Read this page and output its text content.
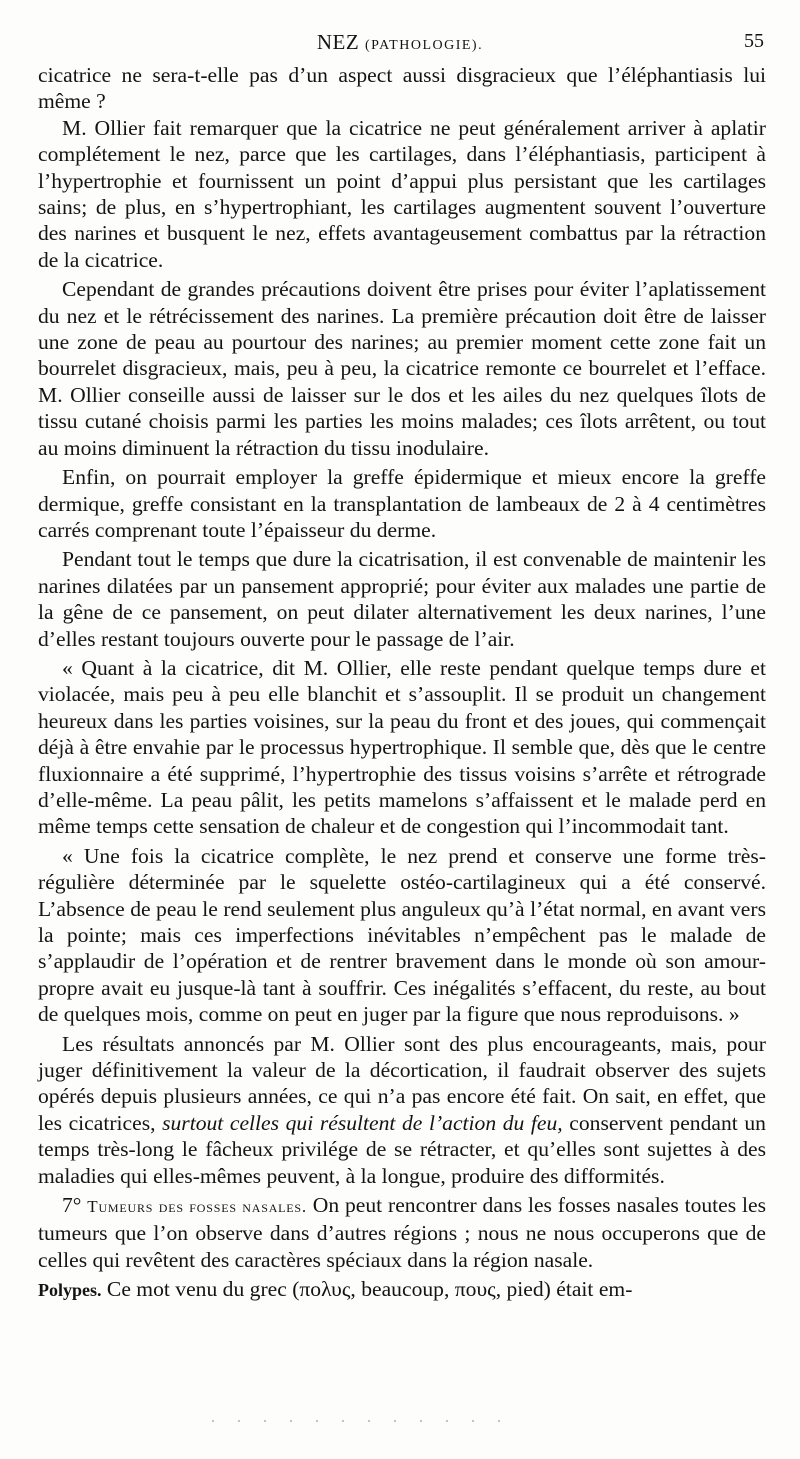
NEZ (PATHOLOGIE).	55

cicatrice ne sera-t-elle pas d’un aspect aussi disgracieux que l’éléphantiasis lui même ?

M. Ollier fait remarquer que la cicatrice ne peut généralement arriver à aplatir complétement le nez, parce que les cartilages, dans l’éléphantiasis, participent à l’hypertrophie et fournissent un point d’appui plus persistant que les cartilages sains; de plus, en s’hypertrophiant, les cartilages augmentent souvent l’ouverture des narines et busquent le nez, effets avantageusement combattus par la rétraction de la cicatrice.

Cependant de grandes précautions doivent être prises pour éviter l’aplatissement du nez et le rétrécissement des narines. La première précaution doit être de laisser une zone de peau au pourtour des narines; au premier moment cette zone fait un bourrelet disgracieux, mais, peu à peu, la cicatrice remonte ce bourrelet et l’efface. M. Ollier conseille aussi de laisser sur le dos et les ailes du nez quelques îlots de tissu cutané choisis parmi les parties les moins malades; ces îlots arrêtent, ou tout au moins diminuent la rétraction du tissu inodulaire.

Enfin, on pourrait employer la greffe épidermique et mieux encore la greffe dermique, greffe consistant en la transplantation de lambeaux de 2 à 4 centimètres carrés comprenant toute l’épaisseur du derme.

Pendant tout le temps que dure la cicatrisation, il est convenable de maintenir les narines dilatées par un pansement approprié; pour éviter aux malades une partie de la gêne de ce pansement, on peut dilater alternativement les deux narines, l’une d’elles restant toujours ouverte pour le passage de l’air.

« Quant à la cicatrice, dit M. Ollier, elle reste pendant quelque temps dure et violacée, mais peu à peu elle blanchit et s’assouplit. Il se produit un changement heureux dans les parties voisines, sur la peau du front et des joues, qui commençait déjà à être envahie par le processus hypertrophique. Il semble que, dès que le centre fluxionnaire a été supprimé, l’hypertrophie des tissus voisins s’arrête et rétrograde d’elle-même. La peau pâlit, les petits mamelons s’affaissent et le malade perd en même temps cette sensation de chaleur et de congestion qui l’incommodait tant.

« Une fois la cicatrice complète, le nez prend et conserve une forme très-régulière déterminée par le squelette ostéo-cartilagineux qui a été conservé. L’absence de peau le rend seulement plus anguleux qu’à l’état normal, en avant vers la pointe; mais ces imperfections inévitables n’empêchent pas le malade de s’applaudir de l’opération et de rentrer bravement dans le monde où son amour-propre avait eu jusque-là tant à souffrir. Ces inégalités s’effacent, du reste, au bout de quelques mois, comme on peut en juger par la figure que nous reproduisons. »

Les résultats annoncés par M. Ollier sont des plus encourageants, mais, pour juger définitivement la valeur de la décortication, il faudrait observer des sujets opérés depuis plusieurs années, ce qui n’a pas encore été fait. On sait, en effet, que les cicatrices, surtout celles qui résultent de l’action du feu, conservent pendant un temps très-long le fâcheux privilége de se rétracter, et qu’elles sont sujettes à des maladies qui elles-mêmes peuvent, à la longue, produire des difformités.

7° Tumeurs des fosses nasales. On peut rencontrer dans les fosses nasales toutes les tumeurs que l’on observe dans d’autres régions ; nous ne nous occuperons que de celles qui revêtent des caractères spéciaux dans la région nasale.

Polypes. Ce mot venu du grec (πολυς, beaucoup, πους, pied) était em-
